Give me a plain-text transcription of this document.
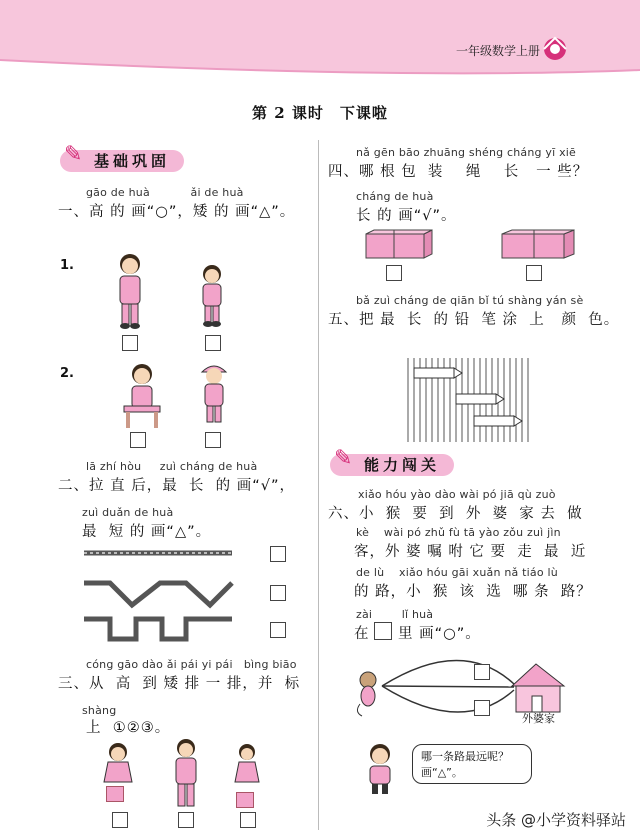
一年级数学上册
第 2 课时　下课啦
✎ 基础巩固
gāo de huà           ǎi de huà
一、高 的 画“○”，矮 的 画“△”。
1.
2.
lā zhí hòu     zuì cháng de huà
二、拉 直 后，最  长  的 画“√”，
zuì duǎn de huà
最  短 的 画“△”。
cóng gāo dào ǎi pái yi pái   bìng biāo
三、从  高  到 矮 排 一 排，并  标
shàng
上  ①②③。
nǎ gēn bāo zhuāng shéng cháng yī xiē
四、哪 根 包  装    绳    长   一 些？
cháng de huà
长 的 画“√”。
bǎ zuì cháng de qiān bǐ tú shàng yán sè
五、把 最  长  的 铅  笔 涂  上   颜  色。
✎ 能力闯关
xiǎo hóu yào dào wài pó jiā qù zuò
六、小  猴  要  到  外  婆  家 去  做
kè    wài pó zhǔ fù tā yào zǒu zuì jìn
客，外 婆 嘱 咐 它 要  走  最  近
de lù    xiǎo hóu gāi xuǎn nǎ tiáo lù
的 路，小  猴  该  选  哪 条  路？
zài        lǐ huà
在 里 画“○”。
外婆家
哪一条路最远呢？
画“△”。
头条 @小学资料驿站
